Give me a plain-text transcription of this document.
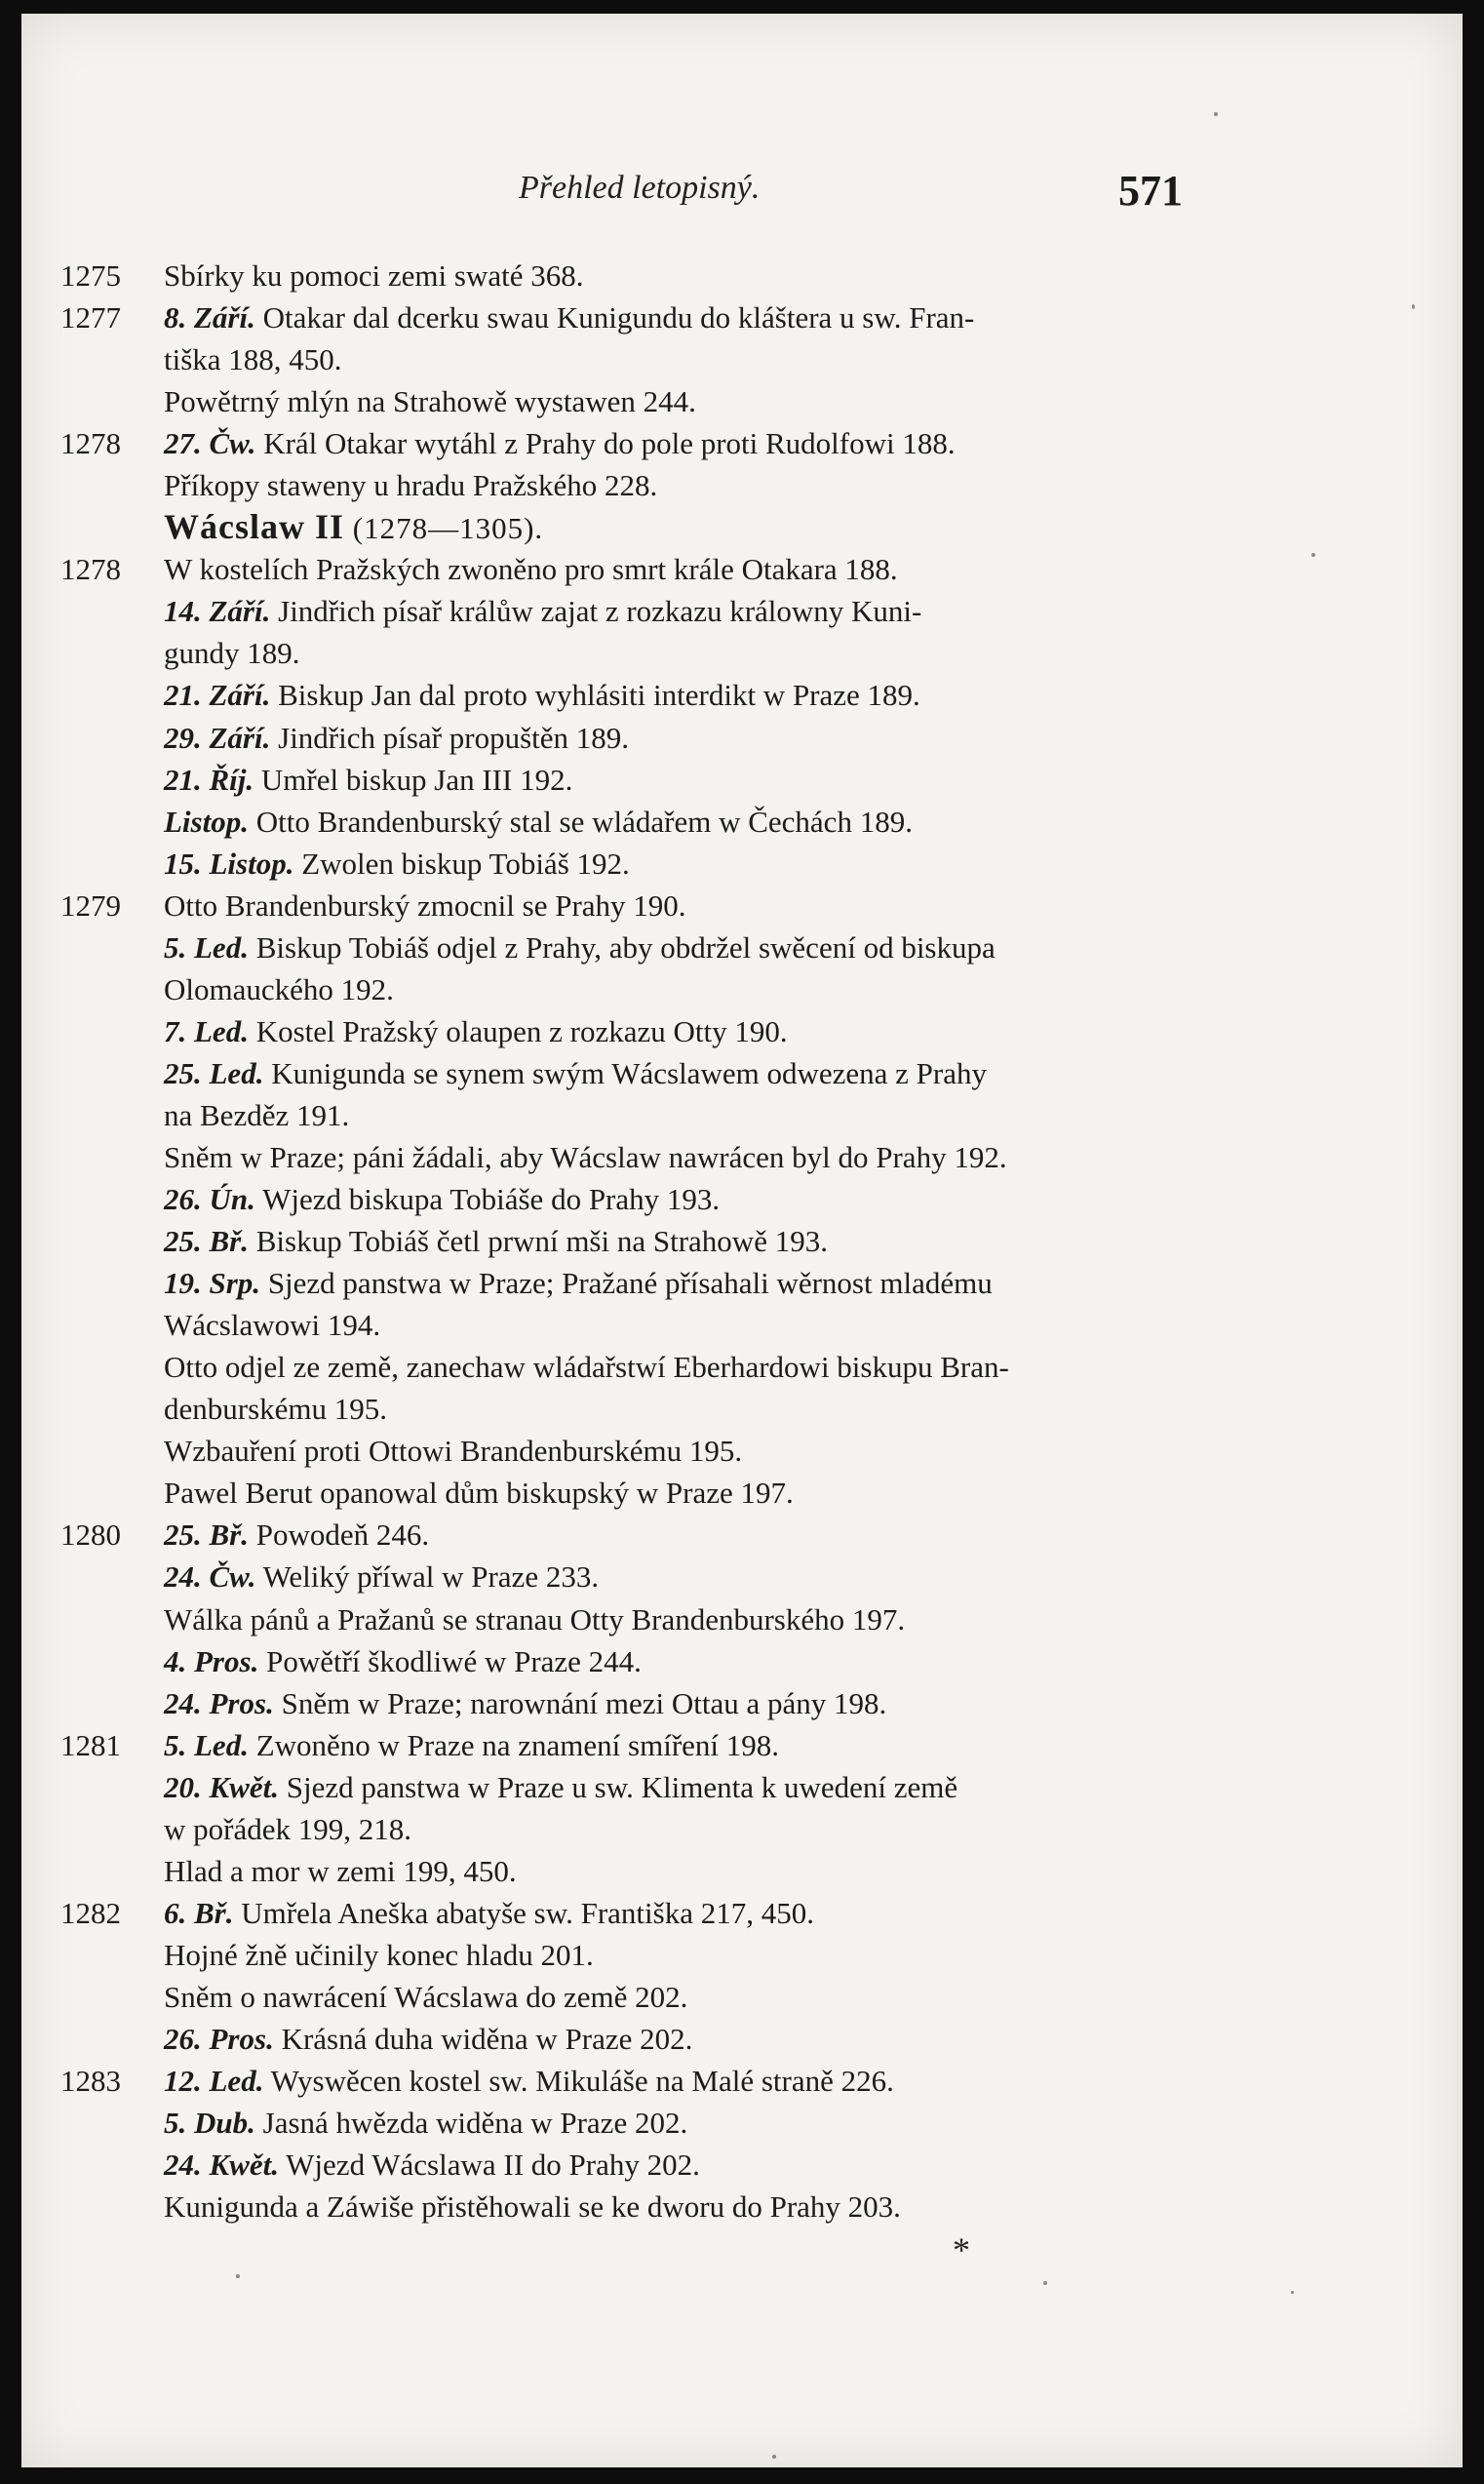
Přehled letopisný.	571
1275	Sbírky ku pomoci zemi swaté 368.
1277	8. Září. Otakar dal dcerku swau Kunigundu do kláštera u sw. Fran-
tiška 188, 450.
Powětrný mlýn na Strahowě wystawen 244.
1278	27. Čw. Král Otakar wytáhl z Prahy do pole proti Rudolfowi 188.
Příkopy staweny u hradu Pražského 228.
Wácslaw II (1278—1305).
1278	W kostelích Pražských zwoněno pro smrt krále Otakara 188.
14. Září. Jindřich písař králůw zajat z rozkazu králowny Kuni-
gundy 189.
21. Září. Biskup Jan dal proto wyhlásiti interdikt w Praze 189.
29. Září. Jindřich písař propuštěn 189.
21. Říj. Umřel biskup Jan III 192.
Listop. Otto Brandenburský stal se wládařem w Čechách 189.
15. Listop. Zwolen biskup Tobiáš 192.
1279	Otto Brandenburský zmocnil se Prahy 190.
5. Led. Biskup Tobiáš odjel z Prahy, aby obdržel swěcení od biskupa
Olomauckého 192.
7. Led. Kostel Pražský olaupen z rozkazu Otty 190.
25. Led. Kunigunda se synem swým Wácslawem odwezena z Prahy
na Bezděz 191.
Sněm w Praze; páni žádali, aby Wácslaw nawrácen byl do Prahy 192.
26. Ún. Wjezd biskupa Tobiáše do Prahy 193.
25. Bř. Biskup Tobiáš četl prwní mši na Strahowě 193.
19. Srp. Sjezd panstwa w Praze; Pražané přísahali wěrnost mladému
Wácslawowi 194.
Otto odjel ze země, zanechaw wládařstwí Eberhardowi biskupu Bran-
denburskému 195.
Wzbauření proti Ottowi Brandenburskému 195.
Pawel Berut opanowal dům biskupský w Praze 197.
1280	25. Bř. Powodeň 246.
24. Čw. Weliký příwal w Praze 233.
Wálka pánů a Pražanů se stranau Otty Brandenburského 197.
4. Pros. Powětří škodliwé w Praze 244.
24. Pros. Sněm w Praze; narownání mezi Ottau a pány 198.
1281	5. Led. Zwoněno w Praze na znamení smíření 198.
20. Kwět. Sjezd panstwa w Praze u sw. Klimenta k uwedení země
w pořádek 199, 218.
Hlad a mor w zemi 199, 450.
1282	6. Bř. Umřela Aneška abatyše sw. Františka 217, 450.
Hojné žně učinily konec hladu 201.
Sněm o nawrácení Wácslawa do země 202.
26. Pros. Krásná duha widěna w Praze 202.
1283	12. Led. Wyswěcen kostel sw. Mikuláše na Malé straně 226.
5. Dub. Jasná hwězda widěna w Praze 202.
24. Kwět. Wjezd Wácslawa II do Prahy 202.
Kunigunda a Záwiše přistěhowali se ke dworu do Prahy 203.
*
